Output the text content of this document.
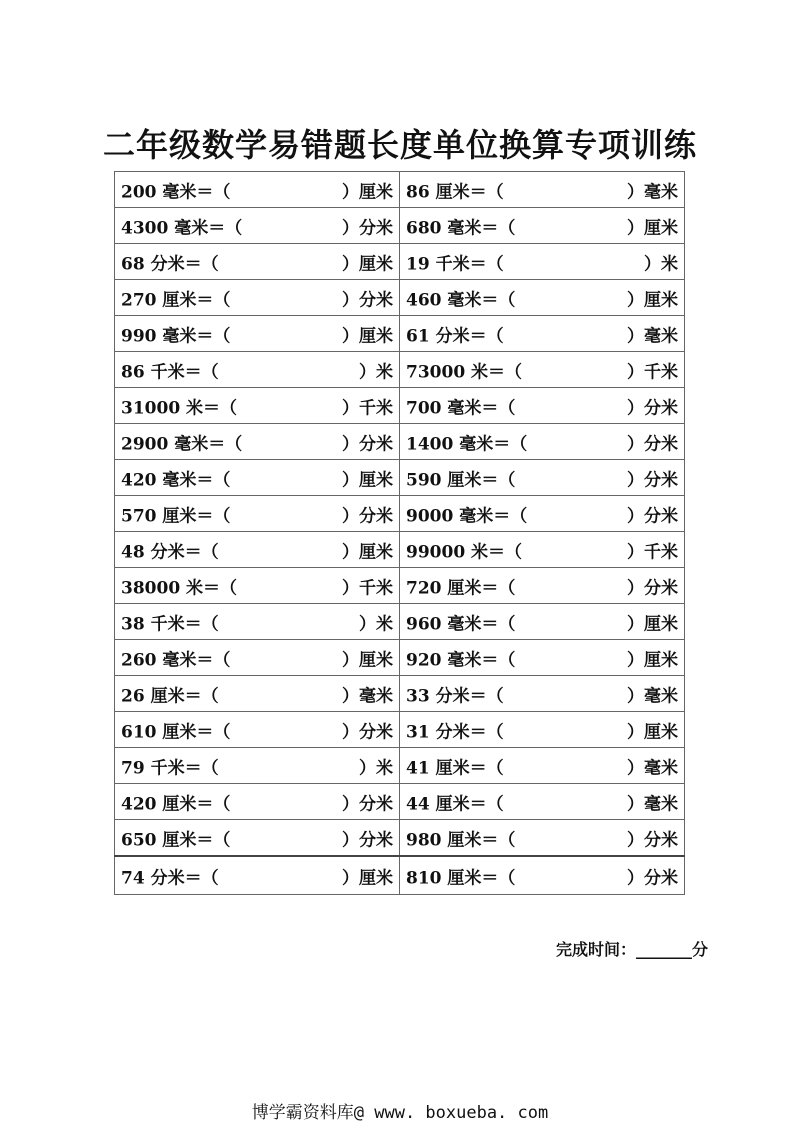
二年级数学易错题长度单位换算专项训练
200 毫米＝（ ）厘米	86 厘米＝（ ）毫米

4300 毫米＝（ ）分米	680 毫米＝（ ）厘米

68 分米＝（ ）厘米	19 千米＝（ ）米

270 厘米＝（ ）分米	460 毫米＝（ ）厘米

990 毫米＝（ ）厘米	61 分米＝（ ）毫米

86 千米＝（ ）米	73000 米＝（ ）千米

31000 米＝（ ）千米	700 毫米＝（ ）分米

2900 毫米＝（ ）分米	1400 毫米＝（ ）分米

420 毫米＝（ ）厘米	590 厘米＝（ ）分米

570 厘米＝（ ）分米	9000 毫米＝（ ）分米

48 分米＝（ ）厘米	99000 米＝（ ）千米

38000 米＝（ ）千米	720 厘米＝（ ）分米

38 千米＝（ ）米	960 毫米＝（ ）厘米

260 毫米＝（ ）厘米	920 毫米＝（ ）厘米

26 厘米＝（ ）毫米	33 分米＝（ ）毫米

610 厘米＝（ ）分米	31 分米＝（ ）厘米

79 千米＝（ ）米	41 厘米＝（ ）毫米

420 厘米＝（ ）分米	44 厘米＝（ ）毫米

650 厘米＝（ ）分米	980 厘米＝（ ）分米

74 分米＝（ ）厘米	810 厘米＝（ ）分米
完成时间：_______分
博学霸资料库@ www. boxueba. com
